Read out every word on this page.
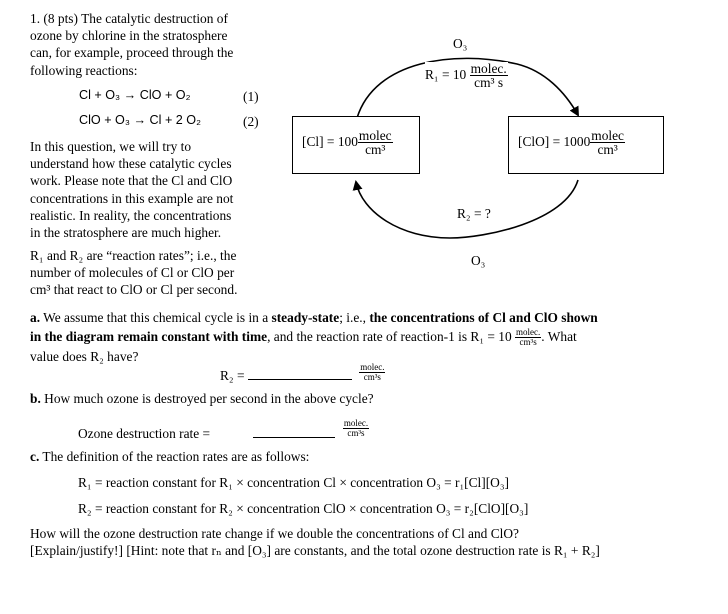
1. (8 pts) The catalytic destruction of
ozone by chlorine in the stratosphere
can, for example, proceed through the
following reactions:
Cl + O₃ → ClO + O₂	(1)
ClO + O₃ → Cl + 2 O₂	(2)
In this question, we will try to
understand how these catalytic cycles
work. Please note that the Cl and ClO
concentrations in this example are not
realistic. In reality, the concentrations
in the stratosphere are much higher.
R₁ and R₂ are “reaction rates”; i.e., the
number of molecules of Cl or ClO per
cm³ that react to ClO or Cl per second.
O₃
$R_1 = 10 \frac{\text{molec.}}{\text{cm³ s}}$
$[Cl] = 100 \frac{\text{molec}}{\text{cm³}}$	$[ClO] = 1000 \frac{\text{molec}}{\text{cm³}}$
R₂ = ?
O₃
a. We assume that this chemical cycle is in a steady-state; i.e., the concentrations of Cl and ClO shown
in the diagram remain constant with time, and the reaction rate of reaction-1 is $R_1 = 10 \frac{\text{molec.}}{\text{cm³s}}$ . What
value does R₂ have?
R₂ =	$\frac{\text{molec.}}{\text{cm³s}}$
b. How much ozone is destroyed per second in the above cycle?
Ozone destruction rate =	$\frac{\text{molec.}}{\text{cm³s}}$
c. The definition of the reaction rates are as follows:
R₁ = reaction constant for R₁ × concentration Cl × concentration O₃ = r₁[Cl][O₃]
R₂ = reaction constant for R₂ × concentration ClO × concentration O₃ = r₂[ClO][O₃]
How will the ozone destruction rate change if we double the concentrations of Cl and ClO?
[Explain/justify!] [Hint: note that rₙ and [O₃] are constants, and the total ozone destruction rate is R₁ + R₂]
